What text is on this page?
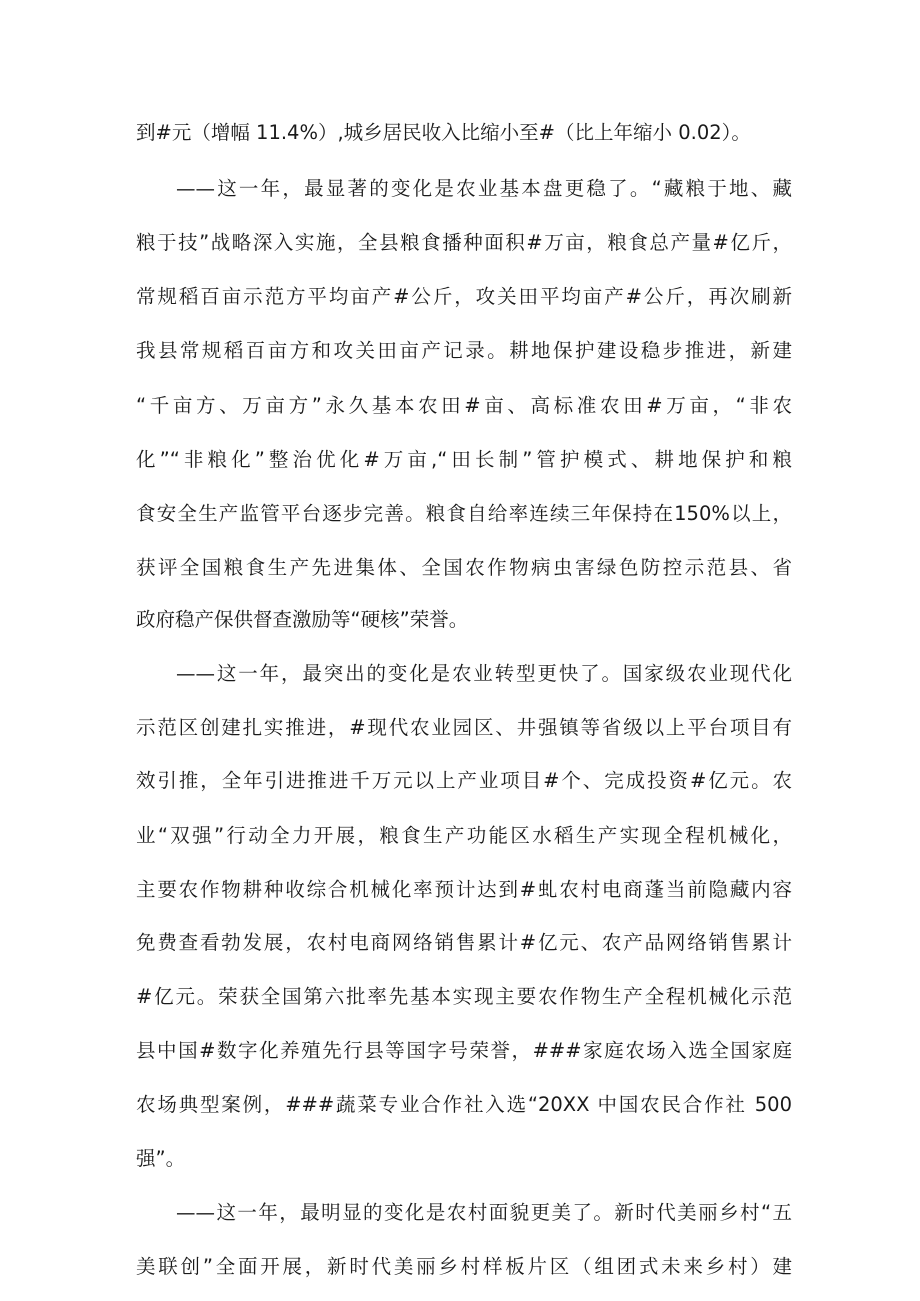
到#元（增幅 11.4%）,城乡居民收入比缩小至#（比上年缩小 0.02）。
——这一年，最显著的变化是农业基本盘更稳了。“藏粮于地、藏
粮于技”战略深入实施，全县粮食播种面积#万亩，粮食总产量#亿斤，
常规稻百亩示范方平均亩产#公斤，攻关田平均亩产#公斤，再次刷新
我县常规稻百亩方和攻关田亩产记录。耕地保护建设稳步推进，新建
“千亩方、万亩方”永久基本农田#亩、高标准农田#万亩，“非农
化”“非粮化”整治优化#万亩,“田长制”管护模式、耕地保护和粮
食安全生产监管平台逐步完善。粮食自给率连续三年保持在150%以上，
获评全国粮食生产先进集体、全国农作物病虫害绿色防控示范县、省
政府稳产保供督查激励等“硬核”荣誉。
——这一年，最突出的变化是农业转型更快了。国家级农业现代化
示范区创建扎实推进，#现代农业园区、井强镇等省级以上平台项目有
效引推，全年引进推进千万元以上产业项目#个、完成投资#亿元。农
业“双强”行动全力开展，粮食生产功能区水稻生产实现全程机械化，
主要农作物耕种收综合机械化率预计达到#虬农村电商蓬当前隐藏内容
免费查看勃发展，农村电商网络销售累计#亿元、农产品网络销售累计
#亿元。荣获全国第六批率先基本实现主要农作物生产全程机械化示范
县中国#数字化养殖先行县等国字号荣誉，###家庭农场入选全国家庭
农场典型案例，###蔬菜专业合作社入选“20XX 中国农民合作社 500
强”。
——这一年，最明显的变化是农村面貌更美了。新时代美丽乡村“五
美联创”全面开展，新时代美丽乡村样板片区（组团式未来乡村）建
